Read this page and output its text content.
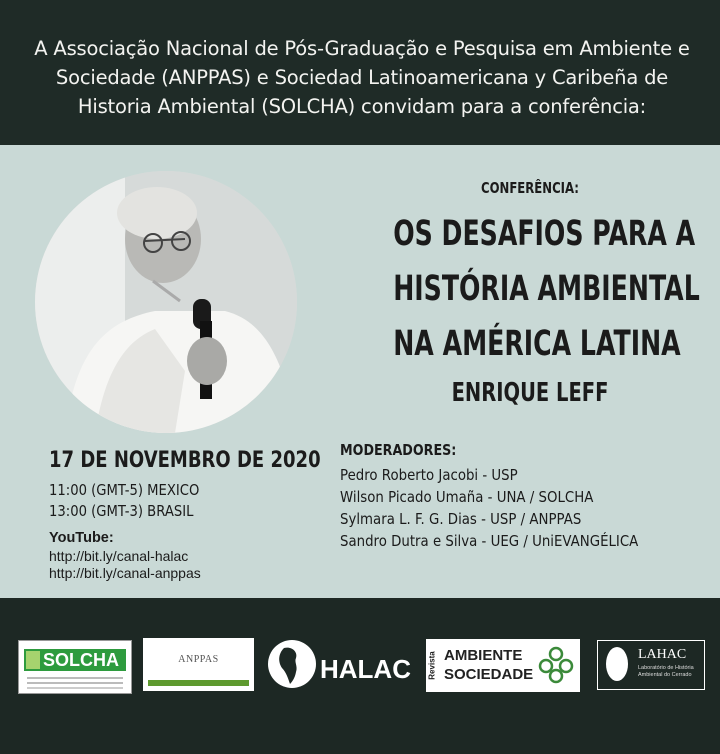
A Associação Nacional de Pós-Graduação e Pesquisa em Ambiente e Sociedade (ANPPAS) e Sociedad Latinoamericana y Caribeña de Historia Ambiental (SOLCHA) convidam para a conferência:
CONFERÊNCIA:
OS DESAFIOS PARA A
HISTÓRIA AMBIENTAL
NA AMÉRICA LATINA
ENRIQUE LEFF
17 DE NOVEMBRO DE 2020
11:00 (GMT-5) MEXICO
13:00 (GMT-3) BRASIL
YouTube:
http://bit.ly/canal-halac
http://bit.ly/canal-anppas
MODERADORES:
Pedro Roberto Jacobi - USP
Wilson Picado Umaña - UNA / SOLCHA
Sylmara L. F. G. Dias - USP / ANPPAS
Sandro Dutra e Silva - UEG / UniEVANGÉLICA
SOLCHA	ANPPAS	HALAC Revista AMBIENTE
SOCIEDADE
LAHAC
Laboratório de História Ambiental do Cerrado
